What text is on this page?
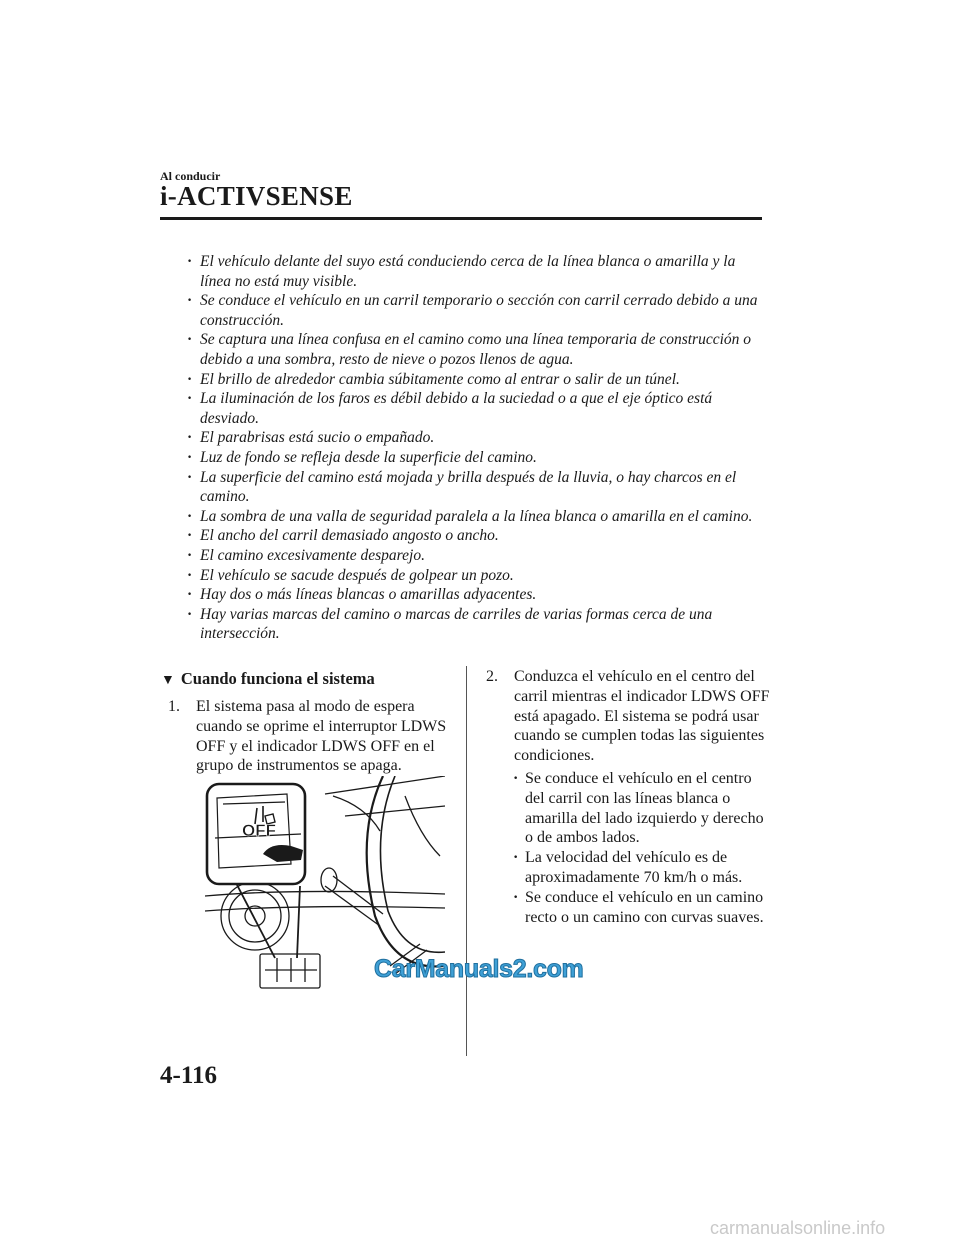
Al conducir
i-ACTIVSENSE
· El vehículo delante del suyo está conduciendo cerca de la línea blanca o amarilla y la línea no está muy visible.
· Se conduce el vehículo en un carril temporario o sección con carril cerrado debido a una construcción.
· Se captura una línea confusa en el camino como una línea temporaria de construcción o debido a una sombra, resto de nieve o pozos llenos de agua.
· El brillo de alrededor cambia súbitamente como al entrar o salir de un túnel.
· La iluminación de los faros es débil debido a la suciedad o a que el eje óptico está desviado.
· El parabrisas está sucio o empañado.
· Luz de fondo se refleja desde la superficie del camino.
· La superficie del camino está mojada y brilla después de la lluvia, o hay charcos en el camino.
· La sombra de una valla de seguridad paralela a la línea blanca o amarilla en el camino.
· El ancho del carril demasiado angosto o ancho.
· El camino excesivamente desparejo.
· El vehículo se sacude después de golpear un pozo.
· Hay dos o más líneas blancas o amarillas adyacentes.
· Hay varias marcas del camino o marcas de carriles de varias formas cerca de una intersección.
▼ Cuando funciona el sistema
1.	El sistema pasa al modo de espera cuando se oprime el interruptor LDWS OFF y el indicador LDWS OFF en el grupo de instrumentos se apaga.
2.	Conduzca el vehículo en el centro del carril mientras el indicador LDWS OFF está apagado. El sistema se podrá usar cuando se cumplen todas las siguientes condiciones.
· Se conduce el vehículo en el centro del carril con las líneas blanca o amarilla del lado izquierdo y derecho o de ambos lados.
· La velocidad del vehículo es de aproximadamente 70 km/h o más.
· Se conduce el vehículo en un camino recto o un camino con curvas suaves.
OFF
CarManuals2.com
4-116
carmanualsonline.info
